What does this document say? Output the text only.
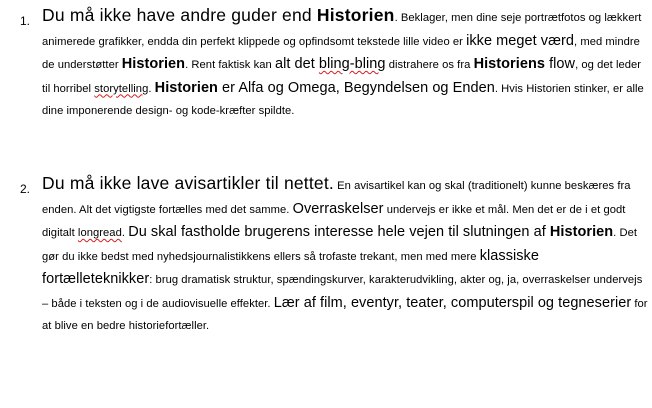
1. Du må ikke have andre guder end Historien. Beklager, men dine seje portrætfotos og lækkert animerede grafikker, endda din perfekt klippede og opfindsomt tekstede lille video er ikke meget værd, med mindre de understøtter Historien. Rent faktisk kan alt det bling-bling distrahere os fra Historiens flow, og det leder til horribel storytelling. Historien er Alfa og Omega, Begyndelsen og Enden. Hvis Historien stinker, er alle dine imponerende design- og kode-kræfter spildte.
2. Du må ikke lave avisartikler til nettet. En avisartikel kan og skal (traditionelt) kunne beskæres fra enden. Alt det vigtigste fortælles med det samme. Overraskelser undervejs er ikke et mål. Men det er de i et godt digitalt longread. Du skal fastholde brugerens interesse hele vejen til slutningen af Historien. Det gør du ikke bedst med nyhedsjournalistikkens ellers så trofaste trekant, men med mere klassiske fortælleteknikker: brug dramatisk struktur, spændingskurver, karakterudvikling, akter og, ja, overraskelser undervejs – både i teksten og i de audiovisuelle effekter. Lær af film, eventyr, teater, computerspil og tegneserier for at blive en bedre historiefortæller.
